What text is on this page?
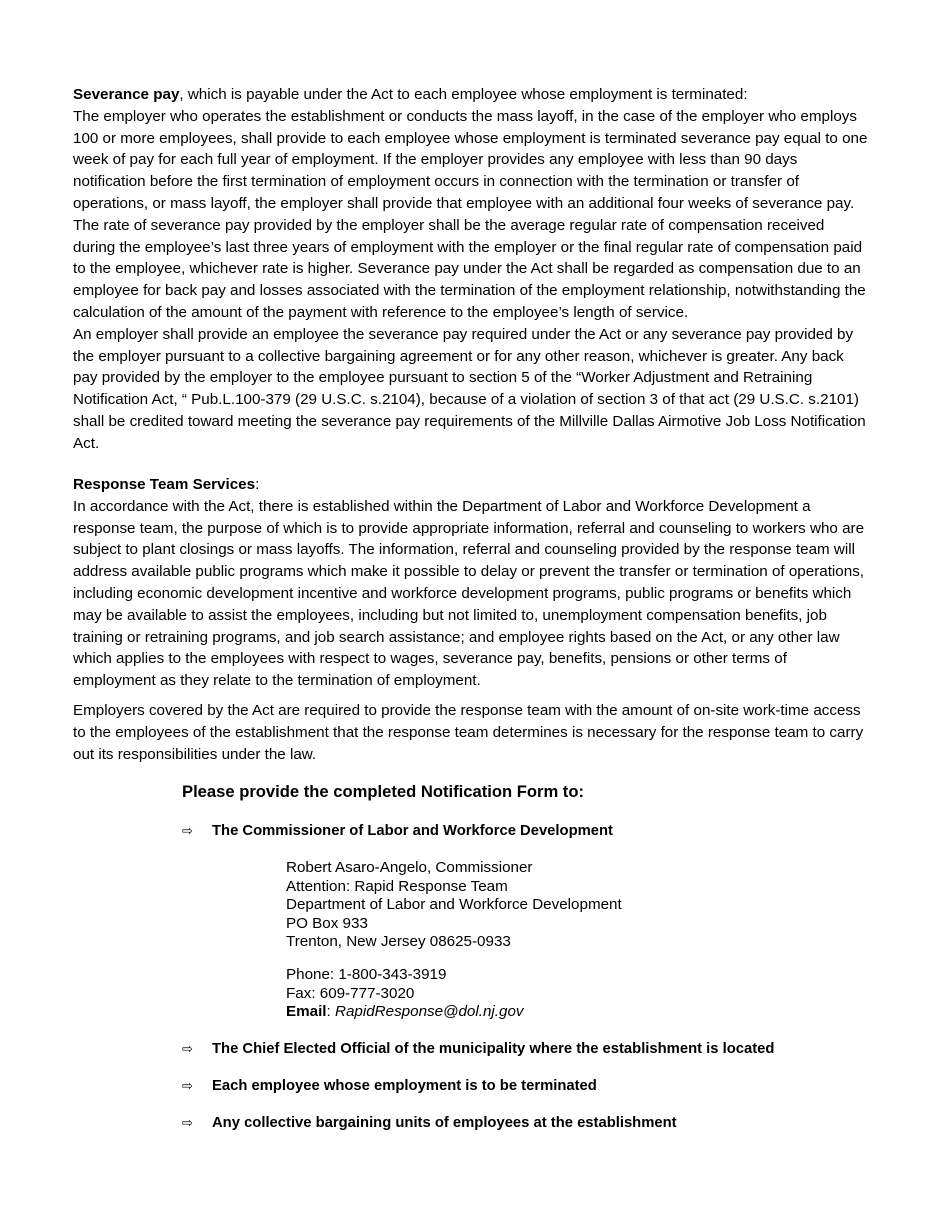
Severance pay, which is payable under the Act to each employee whose employment is terminated:

The employer who operates the establishment or conducts the mass layoff, in the case of the employer who employs 100 or more employees, shall provide to each employee whose employment is terminated severance pay equal to one week of pay for each full year of employment. If the employer provides any employee with less than 90 days notification before the first termination of employment occurs in connection with the termination or transfer of operations, or mass layoff, the employer shall provide that employee with an additional four weeks of severance pay. The rate of severance pay provided by the employer shall be the average regular rate of compensation received during the employee’s last three years of employment with the employer or the final regular rate of compensation paid to the employee, whichever rate is higher. Severance pay under the Act shall be regarded as compensation due to an employee for back pay and losses associated with the termination of the employment relationship, notwithstanding the calculation of the amount of the payment with reference to the employee’s length of service.

An employer shall provide an employee the severance pay required under the Act or any severance pay provided by the employer pursuant to a collective bargaining agreement or for any other reason, whichever is greater. Any back pay provided by the employer to the employee pursuant to section 5 of the “Worker Adjustment and Retraining Notification Act, “ Pub.L.100-379 (29 U.S.C. s.2104), because of a violation of section 3 of that act (29 U.S.C. s.2101) shall be credited toward meeting the severance pay requirements of the Millville Dallas Airmotive Job Loss Notification Act.

Response Team Services:

In accordance with the Act, there is established within the Department of Labor and Workforce Development a response team, the purpose of which is to provide appropriate information, referral and counseling to workers who are subject to plant closings or mass layoffs. The information, referral and counseling provided by the response team will address available public programs which make it possible to delay or prevent the transfer or termination of operations, including economic development incentive and workforce development programs, public programs or benefits which may be available to assist the employees, including but not limited to, unemployment compensation benefits, job training or retraining programs, and job search assistance; and employee rights based on the Act, or any other law which applies to the employees with respect to wages, severance pay, benefits, pensions or other terms of employment as they relate to the termination of employment.

Employers covered by the Act are required to provide the response team with the amount of on-site work-time access to the employees of the establishment that the response team determines is necessary for the response team to carry out its responsibilities under the law.

Please provide the completed Notification Form to:

⇨ The Commissioner of Labor and Workforce Development
Robert Asaro-Angelo, Commissioner
Attention: Rapid Response Team
Department of Labor and Workforce Development
PO Box 933
Trenton, New Jersey 08625-0933
Phone: 1-800-343-3919
Fax: 609-777-3020
Email: RapidResponse@dol.nj.gov
⇨ The Chief Elected Official of the municipality where the establishment is located
⇨ Each employee whose employment is to be terminated
⇨ Any collective bargaining units of employees at the establishment
